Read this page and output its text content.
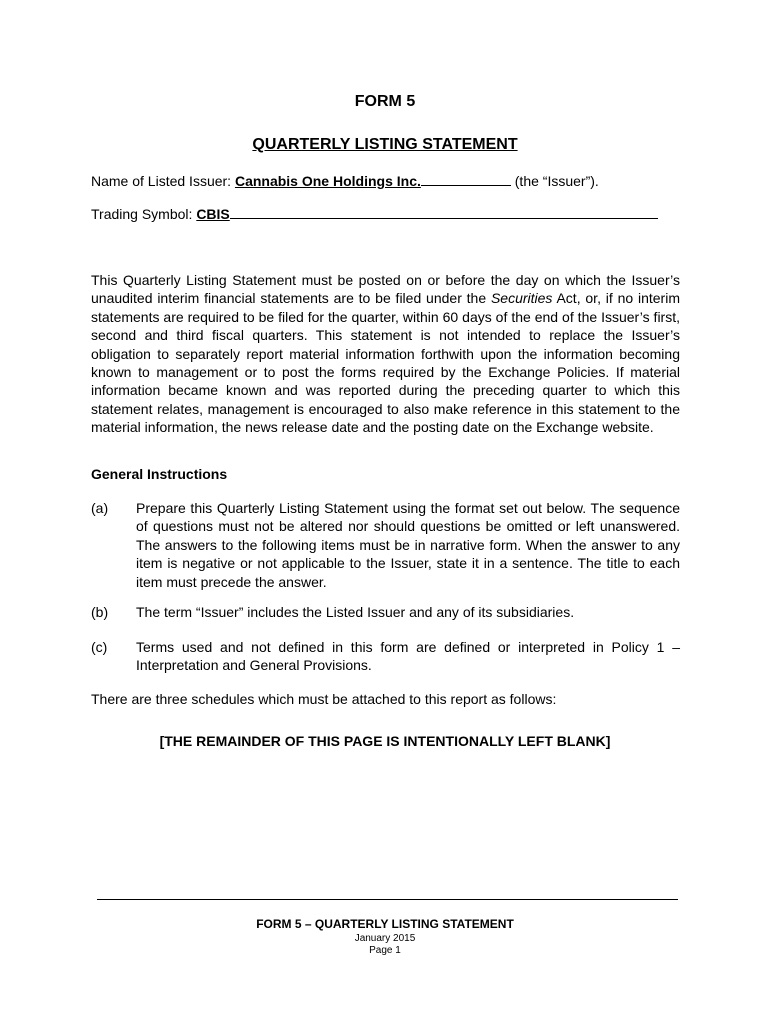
FORM 5
QUARTERLY LISTING STATEMENT
Name of Listed Issuer: Cannabis One Holdings Inc.	(the “Issuer”).
Trading Symbol: CBIS

This Quarterly Listing Statement must be posted on or before the day on which the Issuer’s unaudited interim financial statements are to be filed under the Securities Act, or, if no interim statements are required to be filed for the quarter, within 60 days of the end of the Issuer’s first, second and third fiscal quarters. This statement is not intended to replace the Issuer’s obligation to separately report material information forthwith upon the information becoming known to management or to post the forms required by the Exchange Policies. If material information became known and was reported during the preceding quarter to which this statement relates, management is encouraged to also make reference in this statement to the material information, the news release date and the posting date on the Exchange website.

General Instructions
(a) Prepare this Quarterly Listing Statement using the format set out below. The sequence of questions must not be altered nor should questions be omitted or left unanswered. The answers to the following items must be in narrative form. When the answer to any item is negative or not applicable to the Issuer, state it in a sentence. The title to each item must precede the answer.
(b) The term “Issuer” includes the Listed Issuer and any of its subsidiaries.
(c) Terms used and not defined in this form are defined or interpreted in Policy 1 – Interpretation and General Provisions.
There are three schedules which must be attached to this report as follows:
[THE REMAINDER OF THIS PAGE IS INTENTIONALLY LEFT BLANK]
FORM 5 – QUARTERLY LISTING STATEMENT
January 2015
Page 1
